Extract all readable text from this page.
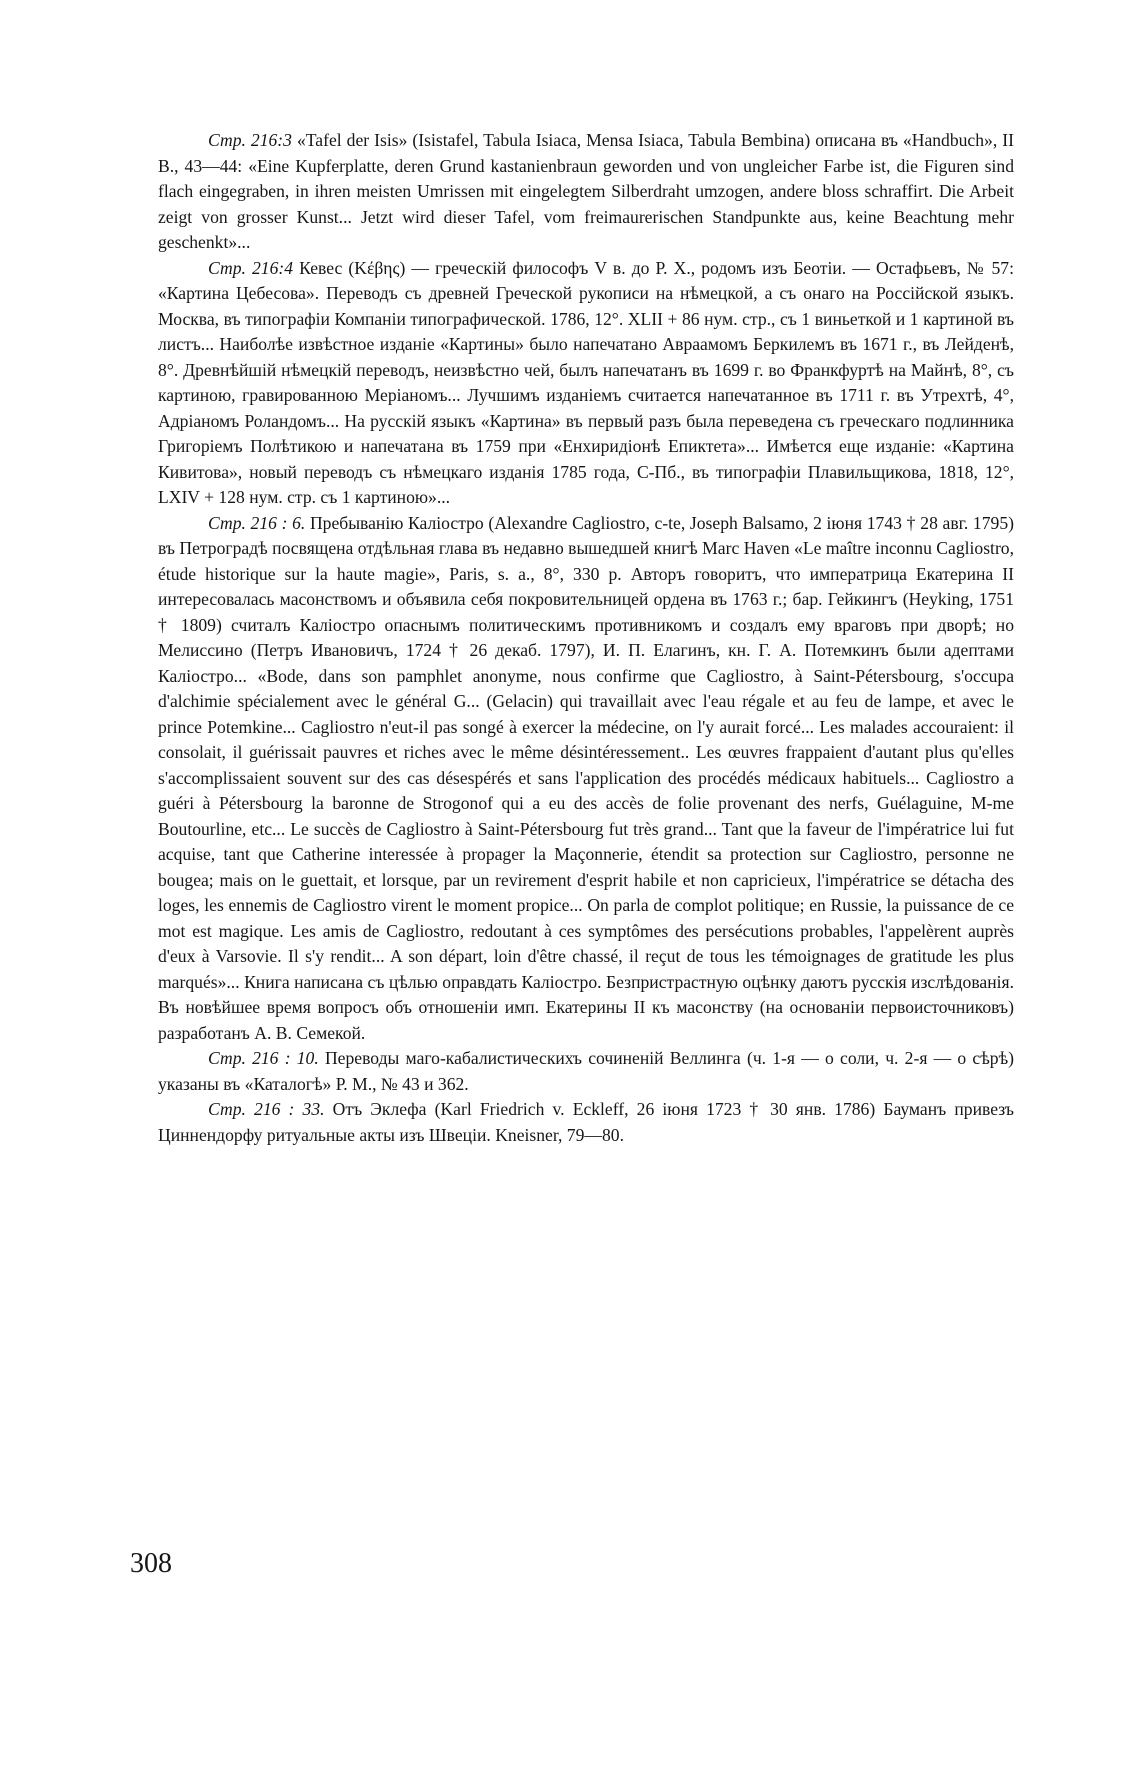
Стр. 216:3 «Tafel der Isis» (Isistafel, Tabula Isiaca, Mensa Isiaca, Tabula Bembina) описана въ «Handbuch», II B., 43—44: «Eine Kupferplatte, deren Grund kastanienbraun geworden und von ungleicher Farbe ist, die Figuren sind flach eingegraben, in ihren meisten Umrissen mit eingelegtem Silberdraht umzogen, andere bloss schraffirt. Die Arbeit zeigt von grosser Kunst... Jetzt wird dieser Tafel, vom freimaurerischen Standpunkte aus, keine Beachtung mehr geschenkt»...

Стр. 216:4 Кевес (Κέβης) — греческій философъ V в. до Р. Х., родомъ изъ Беотіи. — Остафьевъ, № 57: «Картина Цебесова». Переводъ съ древней Греческой рукописи на нѣмецкой, а съ онаго на Россійской языкъ. Москва, въ типографіи Компаніи типографической. 1786, 12°. XLII + 86 нум. стр., съ 1 виньеткой и 1 картиной въ листъ... Наиболѣе извѣстное изданіе «Картины» было напечатано Авраамомъ Беркилемъ въ 1671 г., въ Лейденѣ, 8°. Древнѣйшій нѣмецкій переводъ, неизвѣстно чей, былъ напечатанъ въ 1699 г. во Франкфуртѣ на Майнѣ, 8°, съ картиною, гравированною Меріаномъ... Лучшимъ изданіемъ считается напечатанное въ 1711 г. въ Утрехтѣ, 4°, Адріаномъ Роландомъ... На русскій языкъ «Картина» въ первый разъ была переведена съ греческаго подлинника Григоріемъ Полѣтикою и напечатана въ 1759 при «Енхиридіонѣ Епиктета»... Имѣется еще изданіе: «Картина Кивитова», новый переводъ съ нѣмецкаго изданія 1785 года, С-Пб., въ типографіи Плавильщикова, 1818, 12°, LXIV + 128 нум. стр. съ 1 картиною»...

Стр. 216 : 6. Пребыванію Каліостро (Alexandre Cagliostro, c-te, Joseph Balsamo, 2 іюня 1743 † 28 авг. 1795) въ Петроградѣ посвящена отдѣльная глава въ недавно вышедшей книгѣ Marc Haven «Le maître inconnu Cagliostro, étude historique sur la haute magie», Paris, s. a., 8°, 330 p. Авторъ говоритъ, что императрица Екатерина II интересовалась масонствомъ и объявила себя покровительницей ордена въ 1763 г.; бар. Гейкингъ (Heyking, 1751 † 1809) считалъ Каліостро опаснымъ политическимъ противникомъ и создалъ ему враговъ при дворѣ; но Мелиссино (Петръ Ивановичъ, 1724 † 26 декаб. 1797), И. П. Елагинъ, кн. Г. А. Потемкинъ были адептами Каліостро... «Bode, dans son pamphlet anonyme, nous confirme que Cagliostro, à Saint-Pétersbourg, s'occupa d'alchimie spécialement avec le général G... (Gelacin) qui travaillait avec l'eau régale et au feu de lampe, et avec le prince Potemkine... Cagliostro n'eut-il pas songé à exercer la médecine, on l'y aurait forcé... Les malades accouraient: il consolait, il guérissait pauvres et riches avec le même désintéressement.. Les œuvres frappaient d'autant plus qu'elles s'accomplissaient souvent sur des cas désespérés et sans l'application des procédés médicaux habituels... Cagliostro a guéri à Pétersbourg la baronne de Strogonof qui a eu des accès de folie provenant des nerfs, Guélaguine, M-me Boutourline, etc... Le succès de Cagliostro à Saint-Pétersbourg fut très grand... Tant que la faveur de l'impératrice lui fut acquise, tant que Catherine interessée à propager la Maçonnerie, étendit sa protection sur Cagliostro, personne ne bougea; mais on le guettait, et lorsque, par un revirement d'esprit habile et non capricieux, l'impératrice se détacha des loges, les ennemis de Cagliostro virent le moment propice... On parla de complot politique; en Russie, la puissance de ce mot est magique. Les amis de Cagliostro, redoutant à ces symptômes des persécutions probables, l'appelèrent auprès d'eux à Varsovie. Il s'y rendit... A son départ, loin d'être chassé, il reçut de tous les témoignages de gratitude les plus marqués»... Книга написана съ цѣлью оправдать Каліостро. Безпристрастную оцѣнку даютъ русскія изслѣдованія. Въ новѣйшее время вопросъ объ отношеніи имп. Екатерины II къ масонству (на основаніи первоисточниковъ) разработанъ А. В. Семекой.

Стр. 216 : 10. Переводы маго-кабалистическихъ сочиненій Веллинга (ч. 1-я — о соли, ч. 2-я — о сѣрѣ) указаны въ «Каталогѣ» Р. М., № 43 и 362.

Стр. 216 : 33. Отъ Эклефа (Karl Friedrich v. Eckleff, 26 іюня 1723 † 30 янв. 1786) Бауманъ привезъ Циннендорфу ритуальные акты изъ Швеціи. Kneisner, 79—80.

308
